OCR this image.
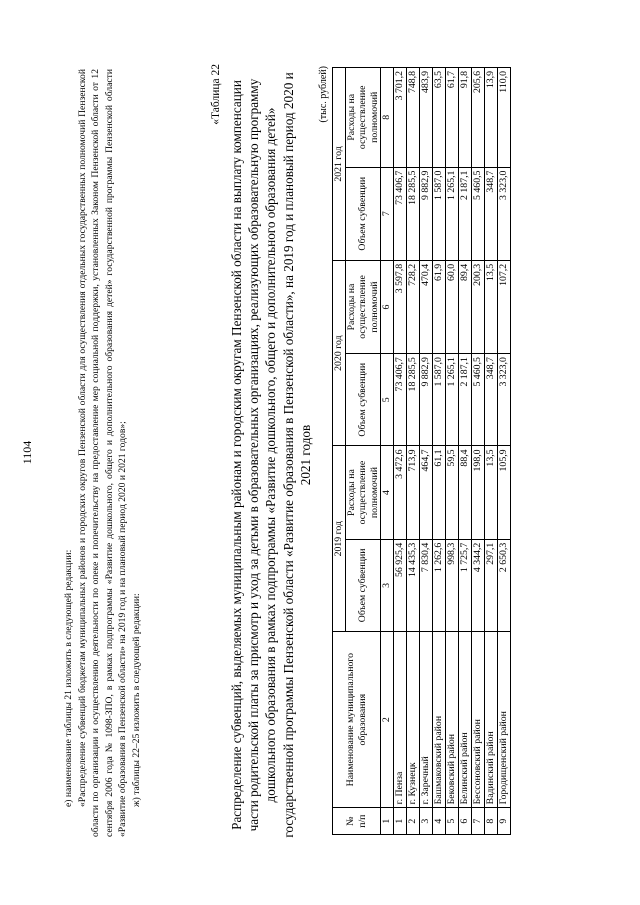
1104

е) наименование таблицы 21 изложить в следующей редакции: «Распределение субвенций бюджетам муниципальных районов и городских округов Пензенской области для осуществления отдельных государственных полномочий Пензенской области по организации и осуществлению деятельности по опеке и попечительству на предоставление мер социальной поддержки, установленных Законом Пензенской области от 12 сентября 2006 года № 1098-ЗПО, в рамках подпрограммы «Развитие дошкольного, общего и дополнительного образования детей» государственной программы Пензенской области «Развитие образования в Пензенской области» на 2019 год и на плановый период 2020 и 2021 годов»; ж) таблицы 22–25 изложить в следующей редакции:

«Таблица 22 Распределение субвенций, выделяемых муниципальным районам и городским округам Пензенской области на выплату компенсации части родительской платы за присмотр и уход за детьми в образовательных организациях, реализующих образовательную программу дошкольного образования в рамках подпрограммы «Развитие дошкольного, общего и дополнительного образования детей» государственной программы Пензенской области «Развитие образования в Пензенской области», на 2019 год и плановый период 2020 и 2021 годов
(тыс. рублей)
№ п/п	Наименование муниципального образования	2019 год		2020 год		2021 год	
		Объем субвенции	Расходы на осуществление полномочий	Объем субвенции	Расходы на осуществление полномочий	Объем субвенции	Расходы на осуществление полномочий
1	2	3	4	5	6	7	8
1	г. Пенза	56 925,4	3 472,6	73 406,7	3 597,8	73 406,7	3 701,2
2	г. Кузнецк	14 435,3	713,9	18 285,5	728,2	18 285,5	748,8
3	г. Заречный	7 830,4	464,7	9 882,9	470,4	9 882,9	483,9
4	Башмаковский район	1 262,6	61,1	1 587,0	61,9	1 587,0	63,5
5	Бековский район	998,3	59,5	1 265,1	60,0	1 265,1	61,7
6	Белинский район	1 725,7	88,4	2 187,1	89,4	2 187,1	91,8
7	Бессоновский район	4 344,2	198,0	5 460,5	200,3	5 460,5	205,6
8	Вадинский район	297,1	13,5	348,7	13,5	348,7	13,9
9	Городищенский район	2 650,3	105,9	3 323,0	107,2	3 323,0	110,0
